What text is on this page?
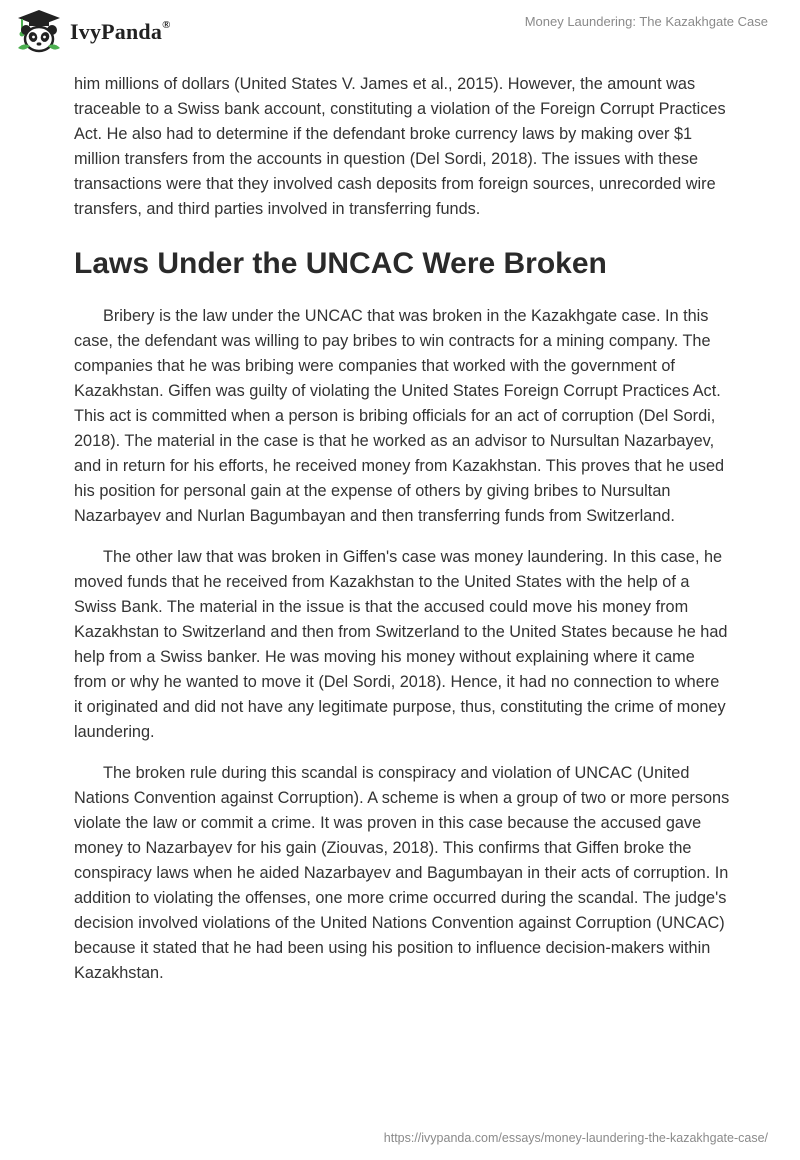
IvyPanda®	Money Laundering: The Kazakhgate Case

him millions of dollars (United States V. James et al., 2015). However, the amount was traceable to a Swiss bank account, constituting a violation of the Foreign Corrupt Practices Act. He also had to determine if the defendant broke currency laws by making over $1 million transfers from the accounts in question (Del Sordi, 2018). The issues with these transactions were that they involved cash deposits from foreign sources, unrecorded wire transfers, and third parties involved in transferring funds.

Laws Under the UNCAC Were Broken

Bribery is the law under the UNCAC that was broken in the Kazakhgate case. In this case, the defendant was willing to pay bribes to win contracts for a mining company. The companies that he was bribing were companies that worked with the government of Kazakhstan. Giffen was guilty of violating the United States Foreign Corrupt Practices Act. This act is committed when a person is bribing officials for an act of corruption (Del Sordi, 2018). The material in the case is that he worked as an advisor to Nursultan Nazarbayev, and in return for his efforts, he received money from Kazakhstan. This proves that he used his position for personal gain at the expense of others by giving bribes to Nursultan Nazarbayev and Nurlan Bagumbayan and then transferring funds from Switzerland.

The other law that was broken in Giffen's case was money laundering. In this case, he moved funds that he received from Kazakhstan to the United States with the help of a Swiss Bank. The material in the issue is that the accused could move his money from Kazakhstan to Switzerland and then from Switzerland to the United States because he had help from a Swiss banker. He was moving his money without explaining where it came from or why he wanted to move it (Del Sordi, 2018). Hence, it had no connection to where it originated and did not have any legitimate purpose, thus, constituting the crime of money laundering.

The broken rule during this scandal is conspiracy and violation of UNCAC (United Nations Convention against Corruption). A scheme is when a group of two or more persons violate the law or commit a crime. It was proven in this case because the accused gave money to Nazarbayev for his gain (Ziouvas, 2018). This confirms that Giffen broke the conspiracy laws when he aided Nazarbayev and Bagumbayan in their acts of corruption. In addition to violating the offenses, one more crime occurred during the scandal. The judge's decision involved violations of the United Nations Convention against Corruption (UNCAC) because it stated that he had been using his position to influence decision-makers within Kazakhstan.

https://ivypanda.com/essays/money-laundering-the-kazakhgate-case/
